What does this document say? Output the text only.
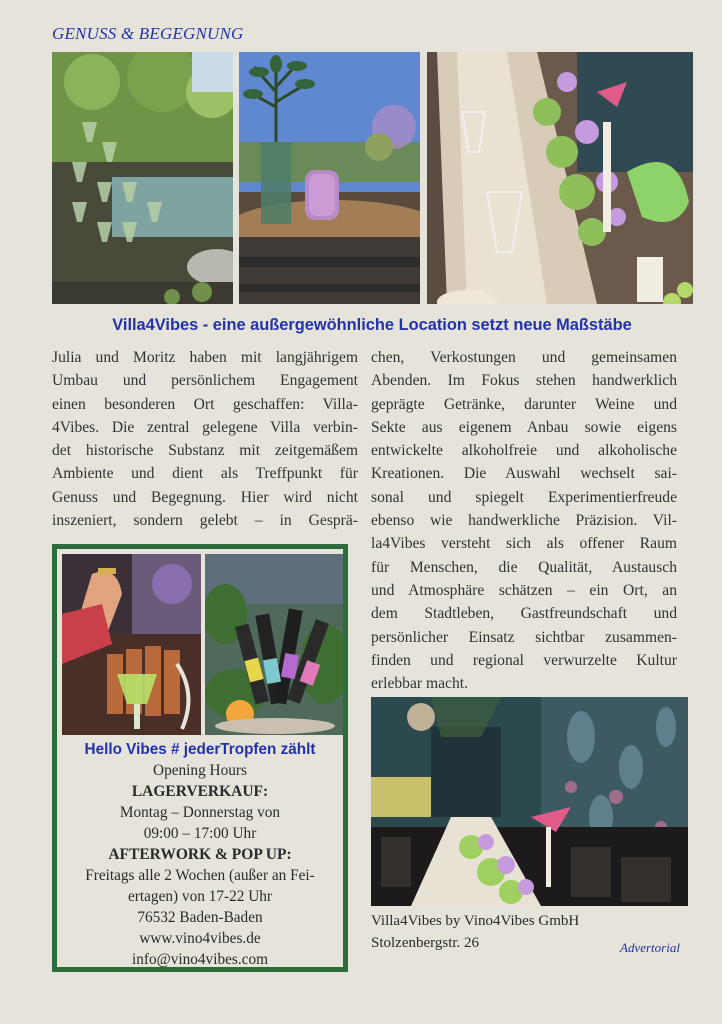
GENUSS & BEGEGNUNG
Villa4Vibes - eine außergewöhnliche Location setzt neue Maßstäbe

Julia und Moritz haben mit langjährigem
Umbau und persönlichem Engagement
einen besonderen Ort geschaffen: Villa-
4Vibes. Die zentral gelegene Villa verbin-
det historische Substanz mit zeitgemäßem
Ambiente und dient als Treffpunkt für
Genuss und Begegnung. Hier wird nicht
inszeniert, sondern gelebt – in Gesprä-

chen, Verkostungen und gemeinsamen
Abenden. Im Fokus stehen handwerklich
geprägte Getränke, darunter Weine und
Sekte aus eigenem Anbau sowie eigens
entwickelte alkoholfreie und alkoholische
Kreationen. Die Auswahl wechselt sai-
sonal und spiegelt Experimentierfreude
ebenso wie handwerkliche Präzision. Vil-
la4Vibes versteht sich als offener Raum
für Menschen, die Qualität, Austausch
und Atmosphäre schätzen – ein Ort, an
dem Stadtleben, Gastfreundschaft und
persönlicher Einsatz sichtbar zusammen-
finden und regional verwurzelte Kultur
erlebbar macht.

Hello Vibes # jederTropfen zählt
Opening Hours
LAGERVERKAUF:
Montag – Donnerstag von
09:00 – 17:00 Uhr
AFTERWORK & POP UP:
Freitags alle 2 Wochen (außer an Fei-
ertagen) von 17-22 Uhr
76532 Baden-Baden
www.vino4vibes.de
info@vino4vibes.com
Villa4Vibes by Vino4Vibes GmbH
Stolzenbergstr. 26	Advertorial
